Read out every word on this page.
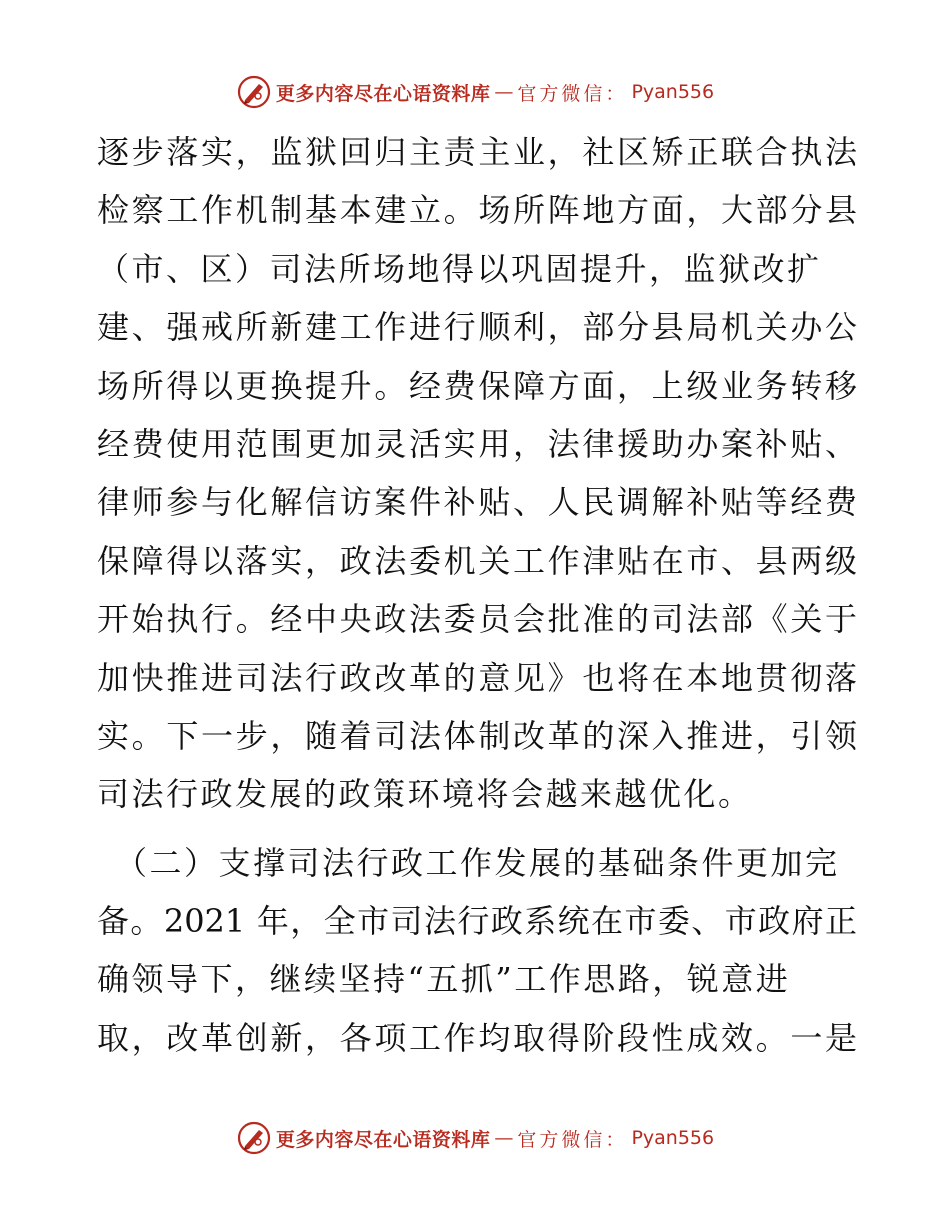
更多内容尽在心语资料库 — 官方微信： Pyan556
逐步落实，监狱回归主责主业，社区矫正联合执法
检察工作机制基本建立。场所阵地方面，大部分县
（市、区）司法所场地得以巩固提升，监狱改扩
建、强戒所新建工作进行顺利，部分县局机关办公
场所得以更换提升。经费保障方面，上级业务转移
经费使用范围更加灵活实用，法律援助办案补贴、
律师参与化解信访案件补贴、人民调解补贴等经费
保障得以落实，政法委机关工作津贴在市、县两级
开始执行。经中央政法委员会批准的司法部《关于
加快推进司法行政改革的意见》也将在本地贯彻落
实。下一步，随着司法体制改革的深入推进，引领
司法行政发展的政策环境将会越来越优化。
（二）支撑司法行政工作发展的基础条件更加完
备。2021 年，全市司法行政系统在市委、市政府正
确领导下，继续坚持“五抓”工作思路，锐意进
取，改革创新，各项工作均取得阶段性成效。一是
更多内容尽在心语资料库 — 官方微信： Pyan556
